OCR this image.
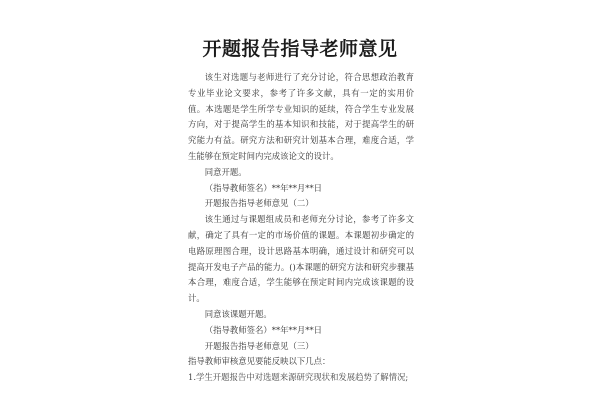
开题报告指导老师意见

该生对选题与老师进行了充分讨论，符合思想政治教育专业毕业论文要求，参考了许多文献，具有一定的实用价值。本选题是学生所学专业知识的延续，符合学生专业发展方向，对于提高学生的基本知识和技能，对于提高学生的研究能力有益。研究方法和研究计划基本合理，难度合适，学生能够在预定时间内完成该论文的设计。

同意开题。

（指导教师签名）**年**月**日

开题报告指导老师意见（二）

该生通过与课题组成员和老师充分讨论，参考了许多文献，确定了具有一定的市场价值的课题。本课题初步确定的电路原理图合理，设计思路基本明确，通过设计和研究可以提高开发电子产品的能力。()本课题的研究方法和研究步骤基本合理，难度合适，学生能够在预定时间内完成该课题的设计。

同意该课题开题。

（指导教师签名）**年**月**日

开题报告指导老师意见（三）

指导教师审核意见要能反映以下几点：

1.学生开题报告中对选题来源研究现状和发展趋势了解情况;
